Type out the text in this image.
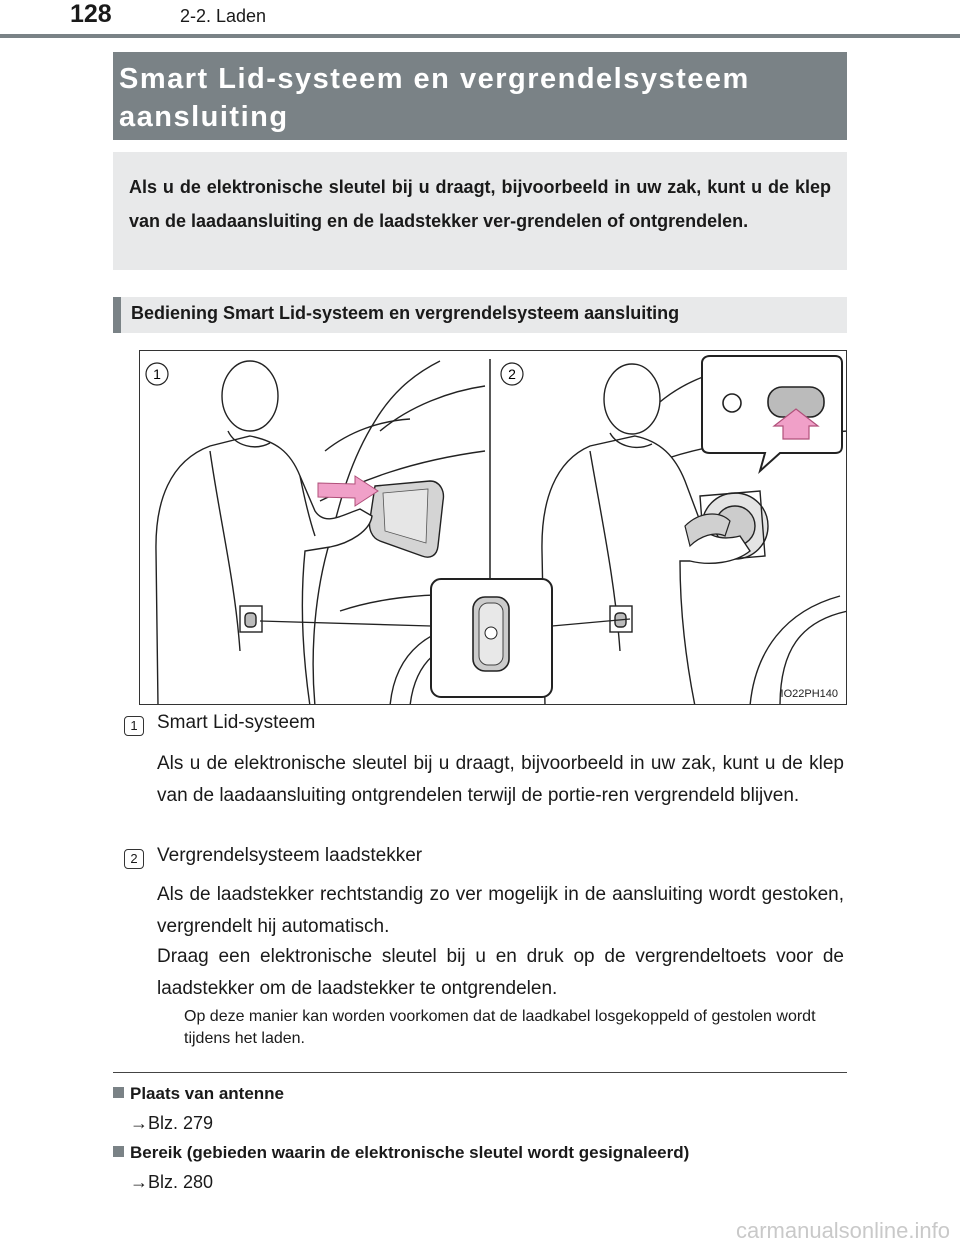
128	2-2. Laden
Smart Lid-systeem en vergrendelsysteem
aansluiting

Als u de elektronische sleutel bij u draagt, bijvoorbeeld in uw zak, kunt u de klep van de laadaansluiting en de laadstekker ver-grendelen of ontgrendelen.

Bediening Smart Lid-systeem en vergrendelsysteem aansluiting
1	2
IO22PH140
1	Smart Lid-systeem
Als u de elektronische sleutel bij u draagt, bijvoorbeeld in uw zak, kunt u de klep van de laadaansluiting ontgrendelen terwijl de portie-ren vergrendeld blijven.
2	Vergrendelsysteem laadstekker
Als de laadstekker rechtstandig zo ver mogelijk in de aansluiting wordt gestoken, vergrendelt hij automatisch.
Draag een elektronische sleutel bij u en druk op de vergrendeltoets voor de laadstekker om de laadstekker te ontgrendelen.
Op deze manier kan worden voorkomen dat de laadkabel losgekoppeld of gestolen wordt tijdens het laden.
Plaats van antenne
→Blz. 279
Bereik (gebieden waarin de elektronische sleutel wordt gesignaleerd)
→Blz. 280
carmanualsonline.info
